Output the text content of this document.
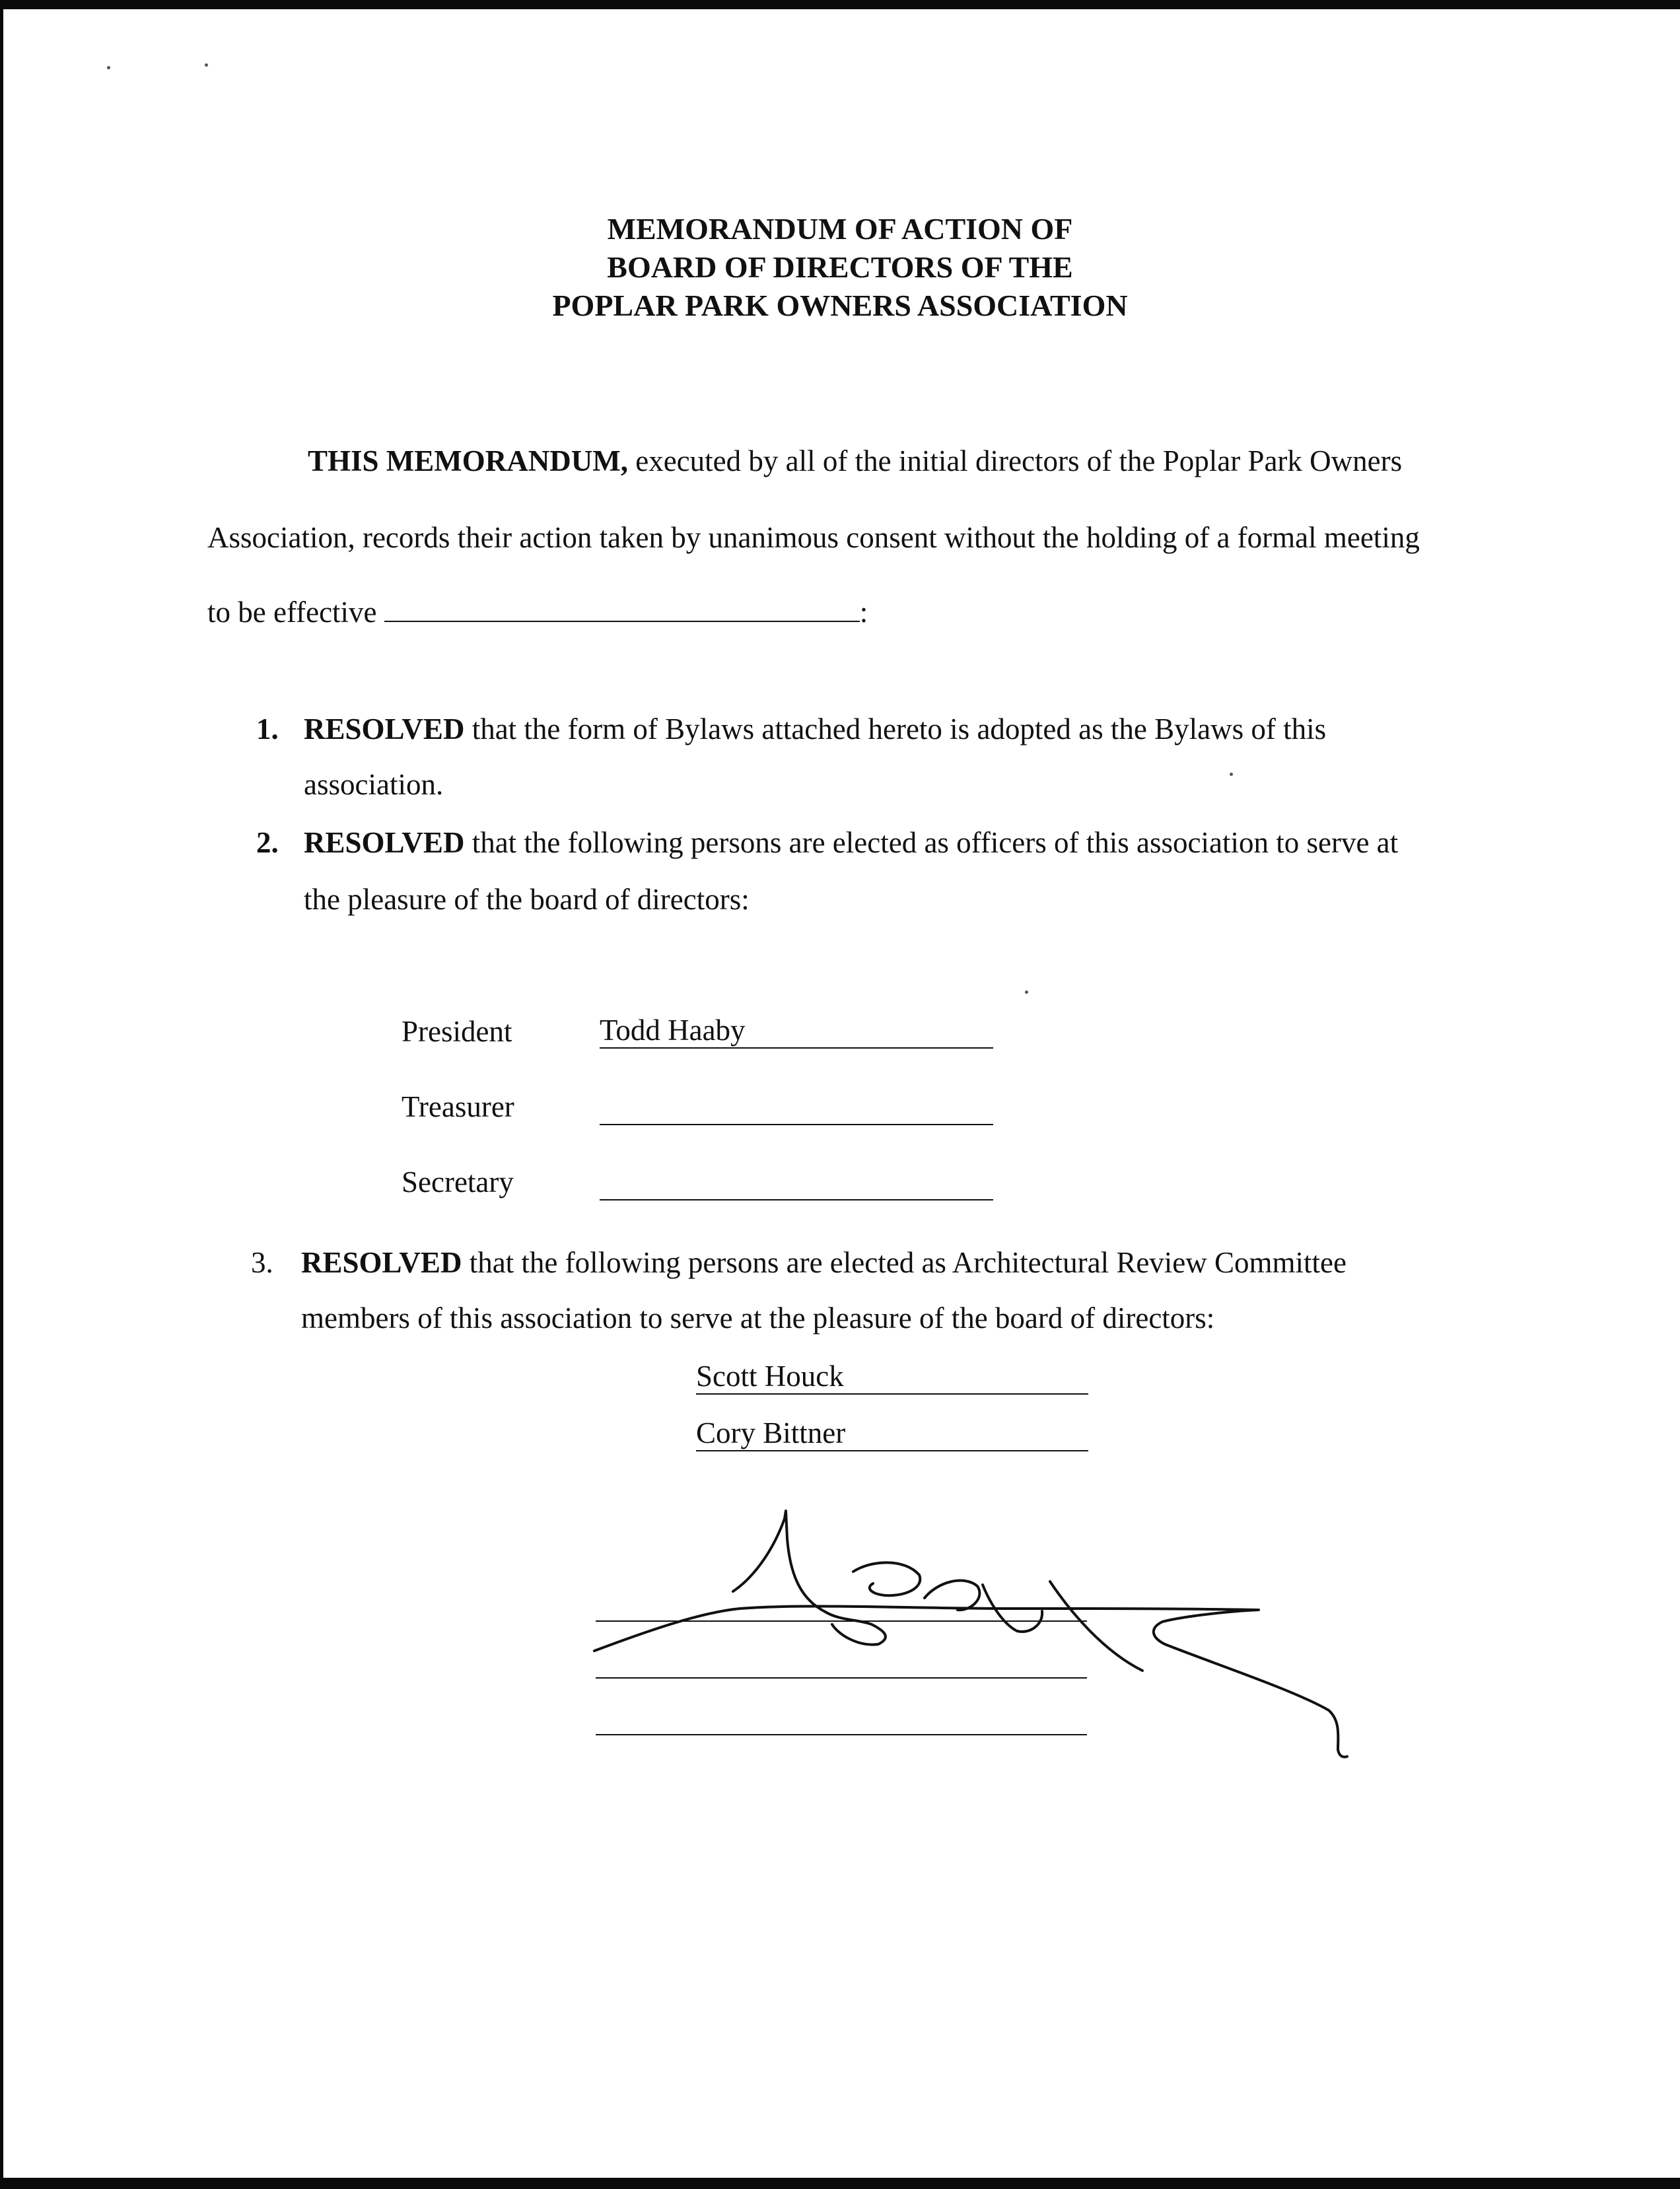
MEMORANDUM OF ACTION OF
BOARD OF DIRECTORS OF THE
POPLAR PARK OWNERS ASSOCIATION
THIS MEMORANDUM, executed by all of the initial directors of the Poplar Park Owners
Association, records their action taken by unanimous consent without the holding of a formal meeting
to be effective	:
1. RESOLVED that the form of Bylaws attached hereto is adopted as the Bylaws of this
association.
2. RESOLVED that the following persons are elected as officers of this association to serve at
the pleasure of the board of directors:
President	Todd Haaby
Treasurer
Secretary
3. RESOLVED that the following persons are elected as Architectural Review Committee
members of this association to serve at the pleasure of the board of directors:
Scott Houck
Cory Bittner
